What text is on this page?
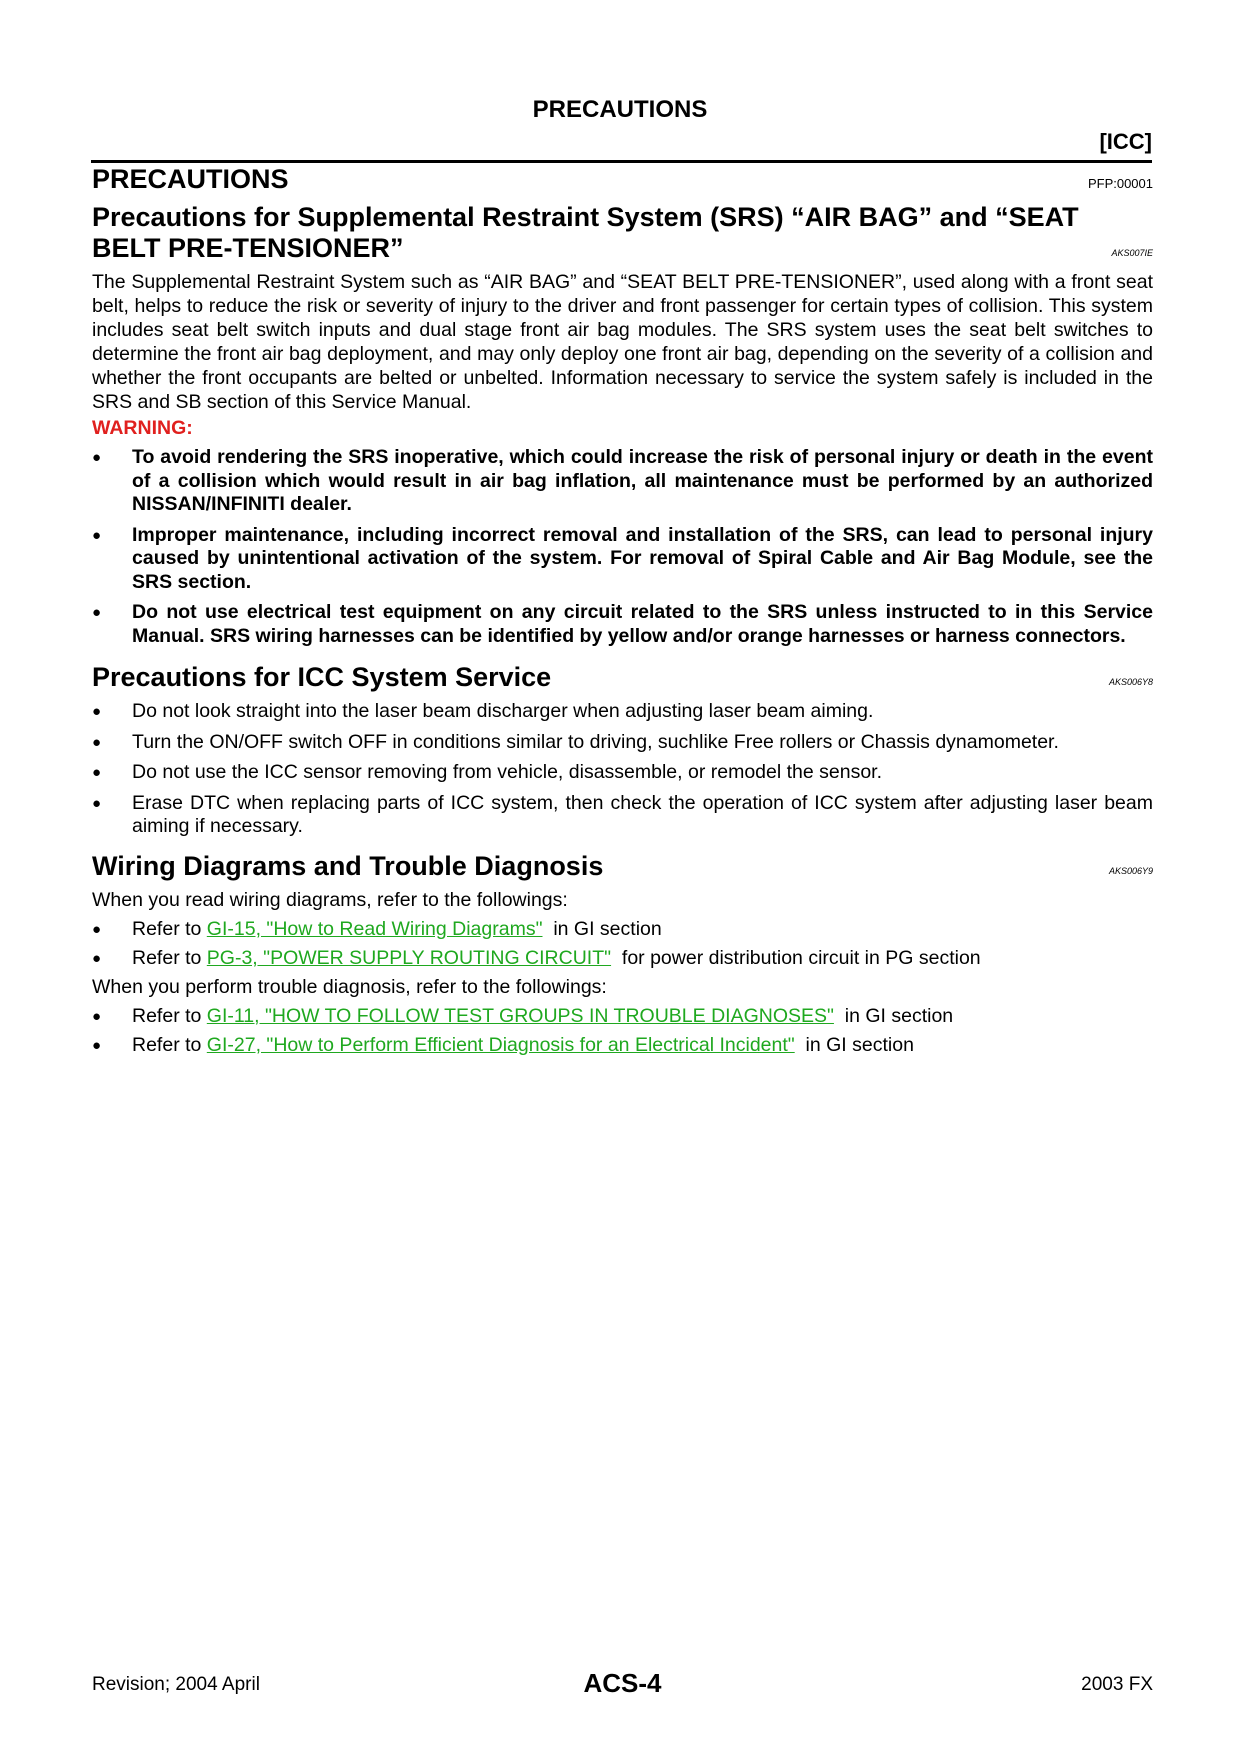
PRECAUTIONS
[ICC]
PRECAUTIONS	PFP:00001
Precautions for Supplemental Restraint System (SRS) “AIR BAG” and “SEAT
BELT PRE-TENSIONER”	AKS007IE

The Supplemental Restraint System such as “AIR BAG” and “SEAT BELT PRE-TENSIONER”, used along with a front seat belt, helps to reduce the risk or severity of injury to the driver and front passenger for certain types of collision. This system includes seat belt switch inputs and dual stage front air bag modules. The SRS system uses the seat belt switches to determine the front air bag deployment, and may only deploy one front air bag, depending on the severity of a collision and whether the front occupants are belted or unbelted. Information necessary to service the system safely is included in the SRS and SB section of this Service Manual.

WARNING:
● To avoid rendering the SRS inoperative, which could increase the risk of personal injury or death in the event of a collision which would result in air bag inflation, all maintenance must be performed by an authorized NISSAN/INFINITI dealer.
● Improper maintenance, including incorrect removal and installation of the SRS, can lead to personal injury caused by unintentional activation of the system. For removal of Spiral Cable and Air Bag Module, see the SRS section.
● Do not use electrical test equipment on any circuit related to the SRS unless instructed to in this Service Manual. SRS wiring harnesses can be identified by yellow and/or orange harnesses or harness connectors.
Precautions for ICC System Service	AKS006Y8
● Do not look straight into the laser beam discharger when adjusting laser beam aiming.
● Turn the ON/OFF switch OFF in conditions similar to driving, suchlike Free rollers or Chassis dynamometer.
● Do not use the ICC sensor removing from vehicle, disassemble, or remodel the sensor.
● Erase DTC when replacing parts of ICC system, then check the operation of ICC system after adjusting laser beam aiming if necessary.
Wiring Diagrams and Trouble Diagnosis	AKS006Y9

When you read wiring diagrams, refer to the followings:

● Refer to GI-15, "How to Read Wiring Diagrams"  in GI section
● Refer to PG-3, "POWER SUPPLY ROUTING CIRCUIT"  for power distribution circuit in PG section

When you perform trouble diagnosis, refer to the followings:

● Refer to GI-11, "HOW TO FOLLOW TEST GROUPS IN TROUBLE DIAGNOSES"  in GI section
● Refer to GI-27, "How to Perform Efficient Diagnosis for an Electrical Incident"  in GI section
Revision; 2004 April	ACS-4	2003 FX
